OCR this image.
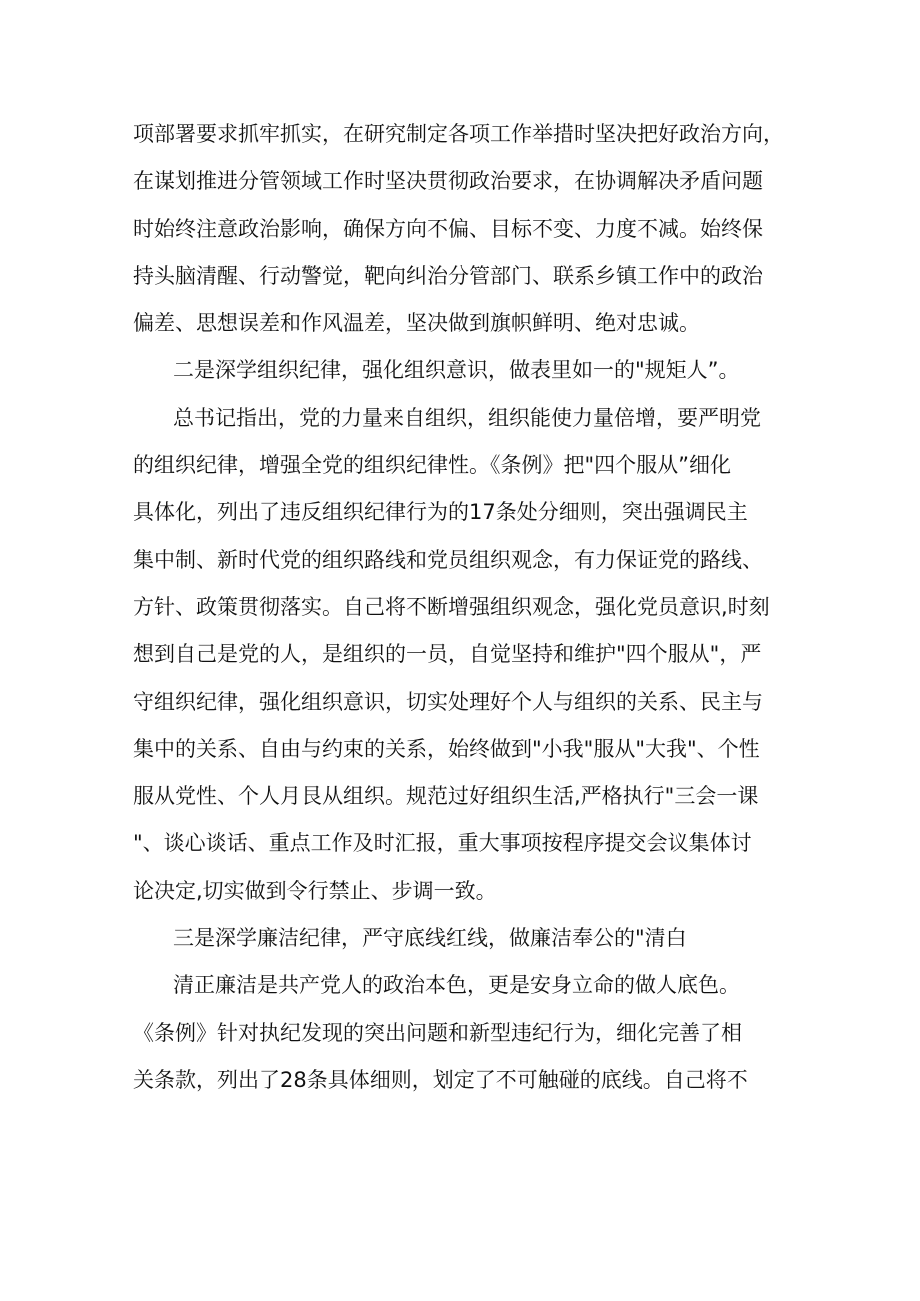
项部署要求抓牢抓实，在研究制定各项工作举措时坚决把好政治方向，
在谋划推进分管领域工作时坚决贯彻政治要求，在协调解决矛盾问题
时始终注意政治影响，确保方向不偏、目标不变、力度不减。始终保
持头脑清醒、行动警觉，靶向纠治分管部门、联系乡镇工作中的政治
偏差、思想误差和作风温差，坚决做到旗帜鲜明、绝对忠诚。
二是深学组织纪律，强化组织意识，做表里如一的"规矩人”。
总书记指出，党的力量来自组织，组织能使力量倍增，要严明党
的组织纪律，增强全党的组织纪律性。《条例》把"四个服从”细化
具体化，列出了违反组织纪律行为的17条处分细则，突出强调民主
集中制、新时代党的组织路线和党员组织观念，有力保证党的路线、
方针、政策贯彻落实。自己将不断增强组织观念，强化党员意识,时刻
想到自己是党的人，是组织的一员，自觉坚持和维护"四个服从"，严
守组织纪律，强化组织意识，切实处理好个人与组织的关系、民主与
集中的关系、自由与约束的关系，始终做到"小我"服从"大我"、个性
服从党性、个人月艮从组织。规范过好组织生活,严格执行"三会一课
"、谈心谈话、重点工作及时汇报，重大事项按程序提交会议集体讨
论决定,切实做到令行禁止、步调一致。
三是深学廉洁纪律，严守底线红线，做廉洁奉公的"清白
清正廉洁是共产党人的政治本色，更是安身立命的做人底色。
《条例》针对执纪发现的突出问题和新型违纪行为，细化完善了相
关条款，列出了28条具体细则，划定了不可触碰的底线。自己将不
